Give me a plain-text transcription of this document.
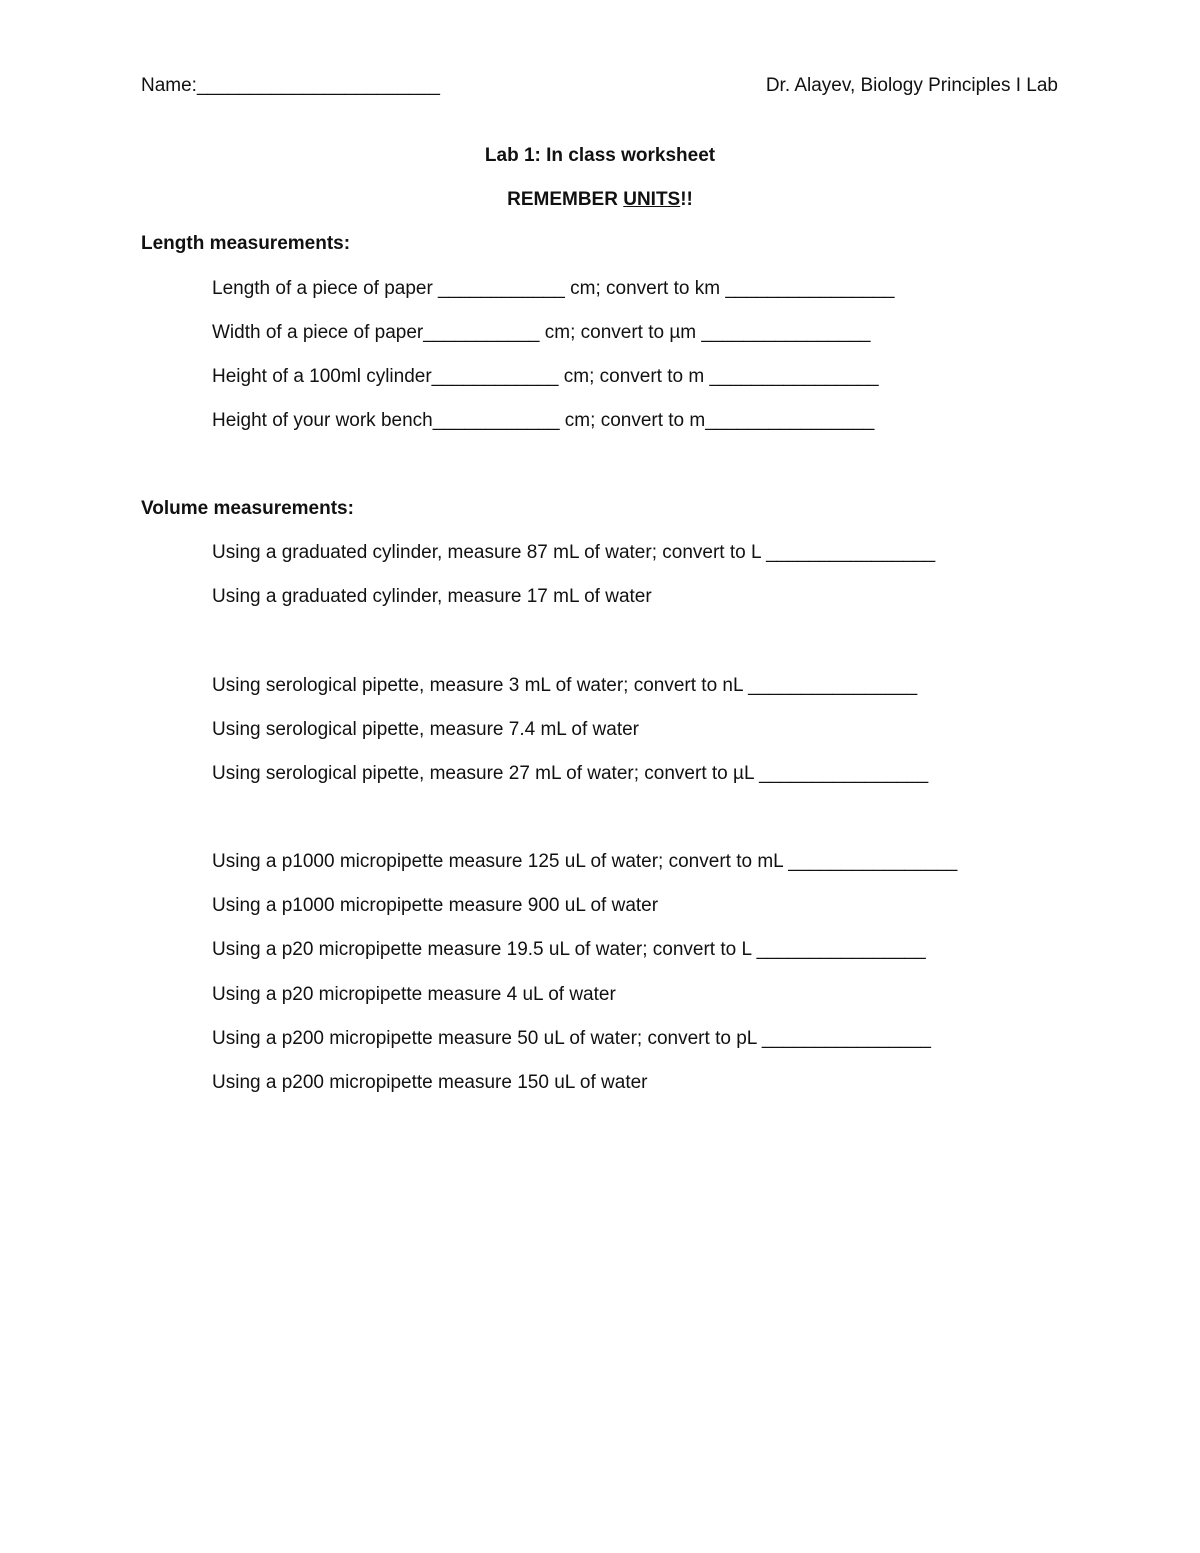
Name:_______________________	Dr. Alayev, Biology Principles I Lab
Lab 1: In class worksheet
REMEMBER UNITS!!
Length measurements:
Length of a piece of paper ____________ cm; convert to km ________________
Width of a piece of paper___________ cm; convert to µm ________________
Height of a 100ml cylinder____________ cm; convert to m ________________
Height of your work bench____________ cm; convert to m________________
Volume measurements:
Using a graduated cylinder, measure 87 mL of water; convert to L ________________
Using a graduated cylinder, measure 17 mL of water
Using serological pipette, measure 3 mL of water; convert to nL ________________
Using serological pipette, measure 7.4 mL of water
Using serological pipette, measure 27 mL of water; convert to µL ________________
Using a p1000 micropipette measure 125 uL of water; convert to mL ________________
Using a p1000 micropipette measure 900 uL of water
Using a p20 micropipette measure 19.5 uL of water; convert to L ________________
Using a p20 micropipette measure 4 uL of water
Using a p200 micropipette measure 50 uL of water; convert to pL ________________
Using a p200 micropipette measure 150 uL of water
